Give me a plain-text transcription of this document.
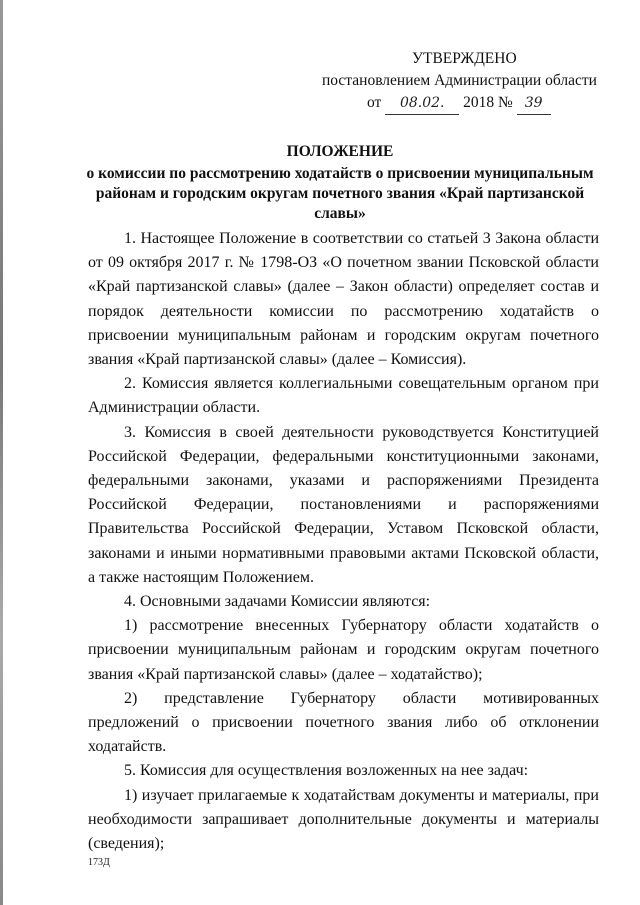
УТВЕРЖДЕНО
постановлением Администрации области
от 08.02. 2018 № 39
ПОЛОЖЕНИЕ
о комиссии по рассмотрению ходатайств о присвоении муниципальным районам и городским округам почетного звания «Край партизанской славы»

1. Настоящее Положение в соответствии со статьей 3 Закона области от 09 октября 2017 г. № 1798-ОЗ «О почетном звании Псковской области «Край партизанской славы» (далее – Закон области) определяет состав и порядок деятельности комиссии по рассмотрению ходатайств о присвоении муниципальным районам и городским округам почетного звания «Край партизанской славы» (далее – Комиссия).

2. Комиссия является коллегиальными совещательным органом при Администрации области.

3. Комиссия в своей деятельности руководствуется Конституцией Российской Федерации, федеральными конституционными законами, федеральными законами, указами и распоряжениями Президента Российской Федерации, постановлениями и распоряжениями Правительства Российской Федерации, Уставом Псковской области, законами и иными нормативными правовыми актами Псковской области, а также настоящим Положением.

4. Основными задачами Комиссии являются:

1) рассмотрение внесенных Губернатору области ходатайств о присвоении муниципальным районам и городским округам почетного звания «Край партизанской славы» (далее – ходатайство);

2) представление Губернатору области мотивированных предложений о присвоении почетного звания либо об отклонении ходатайств.

5. Комиссия для осуществления возложенных на нее задач:

1) изучает прилагаемые к ходатайствам документы и материалы, при необходимости запрашивает дополнительные документы и материалы (сведения);

173Д
